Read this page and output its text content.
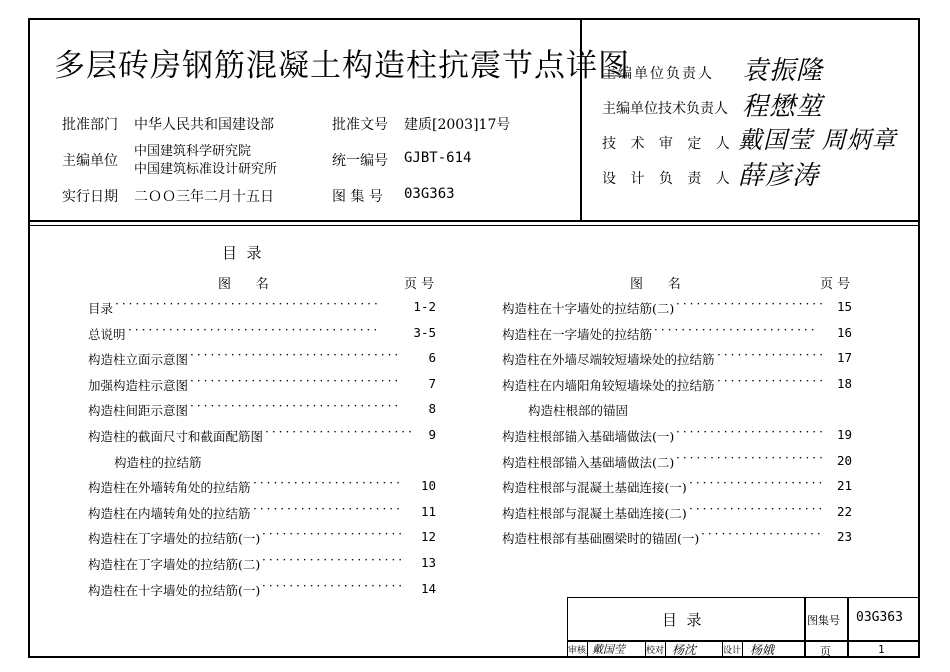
多层砖房钢筋混凝土构造柱抗震节点详图
批准部门 中华人民共和国建设部	批准文号 建质[2003]17号
主编单位
中国建筑科学研究院
中国建筑标准设计研究所
统一编号 GJBT-614
实行日期 二ＯＯ三年二月十五日	图 集 号 03G363
主编单位负责人 袁振隆
主编单位技术负责人 程懋堃
技 术 审 定 人 戴国莹 周炳章
设 计 负 责 人 薛彦涛
目  录
图      名	页 号	图      名	页 号
目录 ·······································	1-2
总说明 ·····································	3-5
构造柱立面示意图 ·······························	6
加强构造柱示意图 ·······························	7
构造柱间距示意图 ·······························	8
构造柱的截面尺寸和截面配筋图 ······················	9
构造柱的拉结筋
构造柱在外墙转角处的拉结筋 ······················	10
构造柱在内墙转角处的拉结筋 ······················	11
构造柱在丁字墙处的拉结筋(一) ·····················	12
构造柱在丁字墙处的拉结筋(二) ·····················	13
构造柱在十字墙处的拉结筋(一) ·····················	14
构造柱在十字墙处的拉结筋(二) ······················ 15
构造柱在一字墙处的拉结筋 ························	16
构造柱在外墙尽端较短墙垛处的拉结筋 ················ 17
构造柱在内墙阳角较短墙垛处的拉结筋 ················ 18
构造柱根部的锚固
构造柱根部锚入基础墙做法(一) ······················ 19
构造柱根部锚入基础墙做法(二) ······················ 20
构造柱根部与混凝土基础连接(一) ···················· 21
构造柱根部与混凝土基础连接(二) ···················· 22
构造柱根部有基础圈梁时的锚固(一) ··················	23
目  录	图集号 03G363
审核 戴国莹 校对 杨沈	设计 杨娥	页	1
